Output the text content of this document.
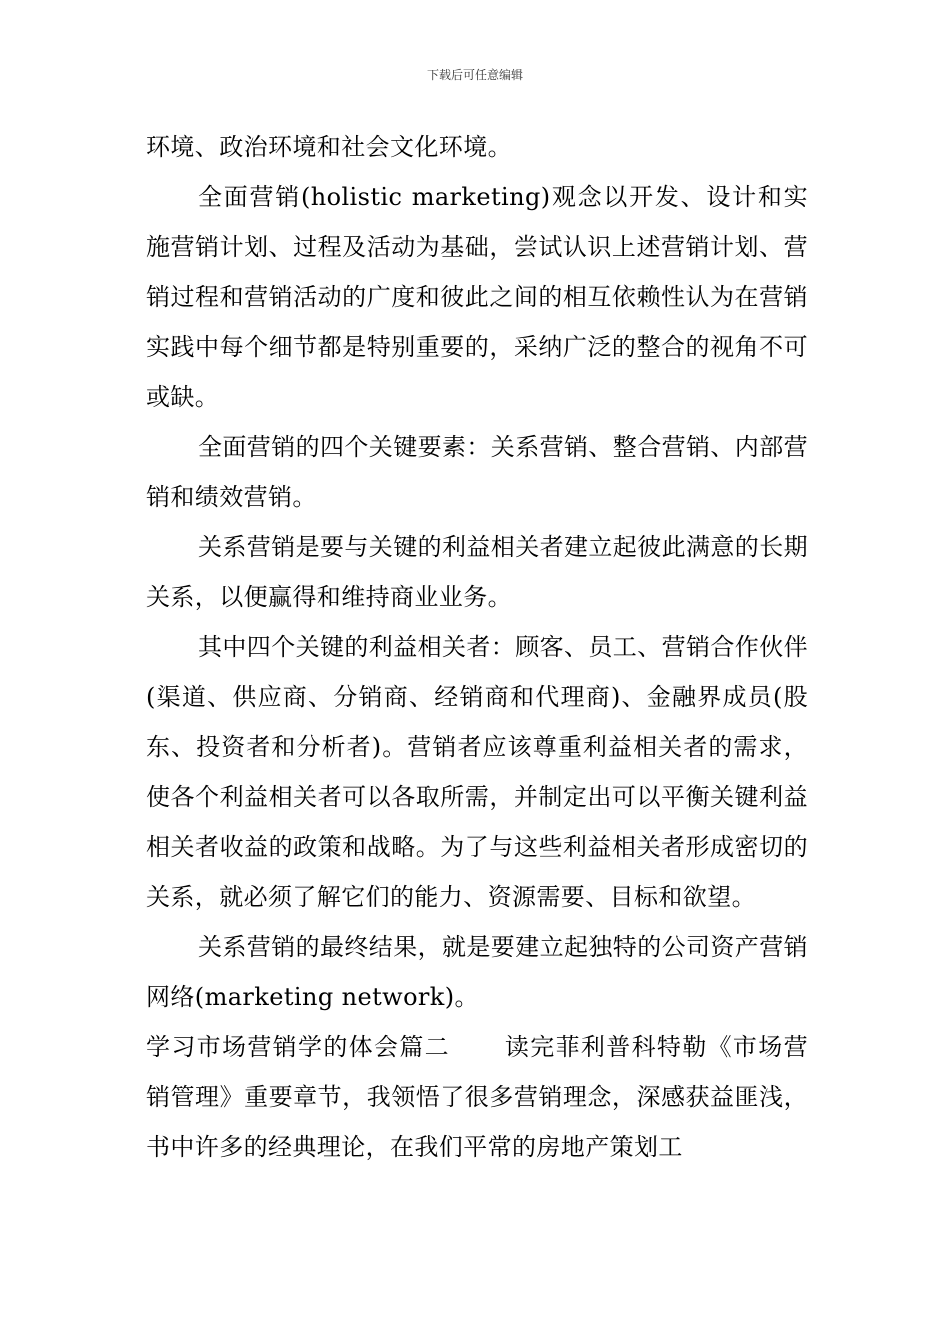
下载后可任意编辑

环境、政治环境和社会文化环境。

全面营销(holistic marketing)观念以开发、设计和实施营销计划、过程及活动为基础，尝试认识上述营销计划、营销过程和营销活动的广度和彼此之间的相互依赖性认为在营销实践中每个细节都是特别重要的，采纳广泛的整合的视角不可或缺。

全面营销的四个关键要素：关系营销、整合营销、内部营销和绩效营销。

关系营销是要与关键的利益相关者建立起彼此满意的长期关系，以便赢得和维持商业业务。

其中四个关键的利益相关者：顾客、员工、营销合作伙伴(渠道、供应商、分销商、经销商和代理商)、金融界成员(股东、投资者和分析者)。营销者应该尊重利益相关者的需求，使各个利益相关者可以各取所需，并制定出可以平衡关键利益相关者收益的政策和战略。为了与这些利益相关者形成密切的关系，就必须了解它们的能力、资源需要、目标和欲望。

关系营销的最终结果，就是要建立起独特的公司资产营销网络(marketing network)。

学习市场营销学的体会篇二 读完菲利普科特勒《市场营销管理》重要章节，我领悟了很多营销理念，深感获益匪浅，书中许多的经典理论，在我们平常的房地产策划工
